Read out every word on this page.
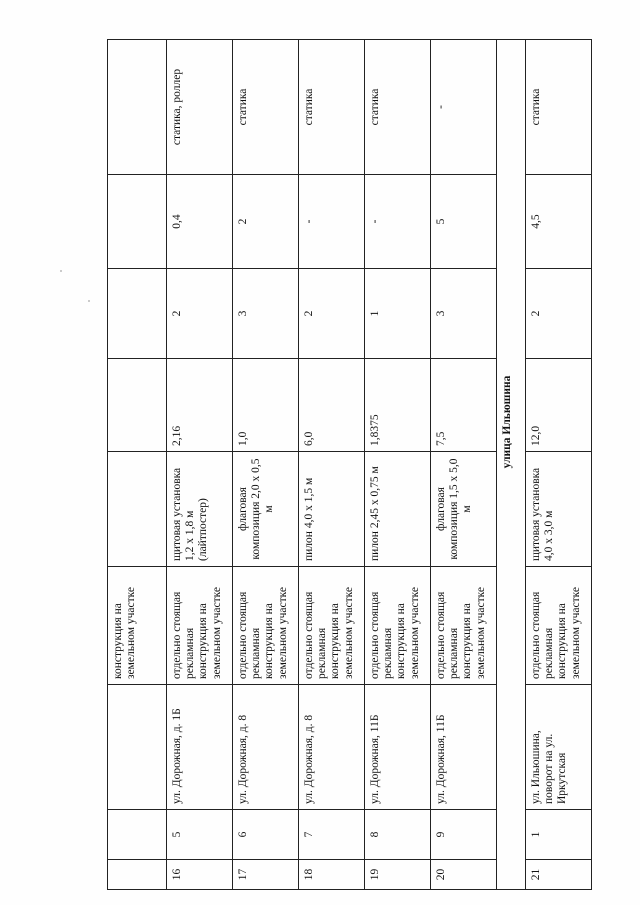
			конструкция на земельном участке					
16	5	ул. Дорожная, д. 1Б	отдельно стоящая рекламная конструкция на земельном участке	щитовая установка 1,2 х 1,8 м (лайтпостер)	2,16	2	0,4	статика, роллер
17	6	ул. Дорожная, д. 8	отдельно стоящая рекламная конструкция на земельном участке	флаговая композиция 2,0 х 0,5 м	1,0	3	2	статика
18	7	ул. Дорожная, д. 8	отдельно стоящая рекламная конструкция на земельном участке	пилон 4,0 х 1,5 м	6,0	2	-	статика
19	8	ул. Дорожная, 11Б	отдельно стоящая рекламная конструкция на земельном участке	пилон 2,45 х 0,75 м	1,8375	1	-	статика
20	9	ул. Дорожная, 11Б	отдельно стоящая рекламная конструкция на земельном участке	флаговая композиция 1,5 х 5,0 м	7,5	3	5	-
улица Ильюшина								
21	1	ул. Ильюшина, поворот на ул. Иркутская	отдельно стоящая рекламная конструкция на земельном участке	щитовая установка 4,0 х 3,0 м	12,0	2	4,5	статика
